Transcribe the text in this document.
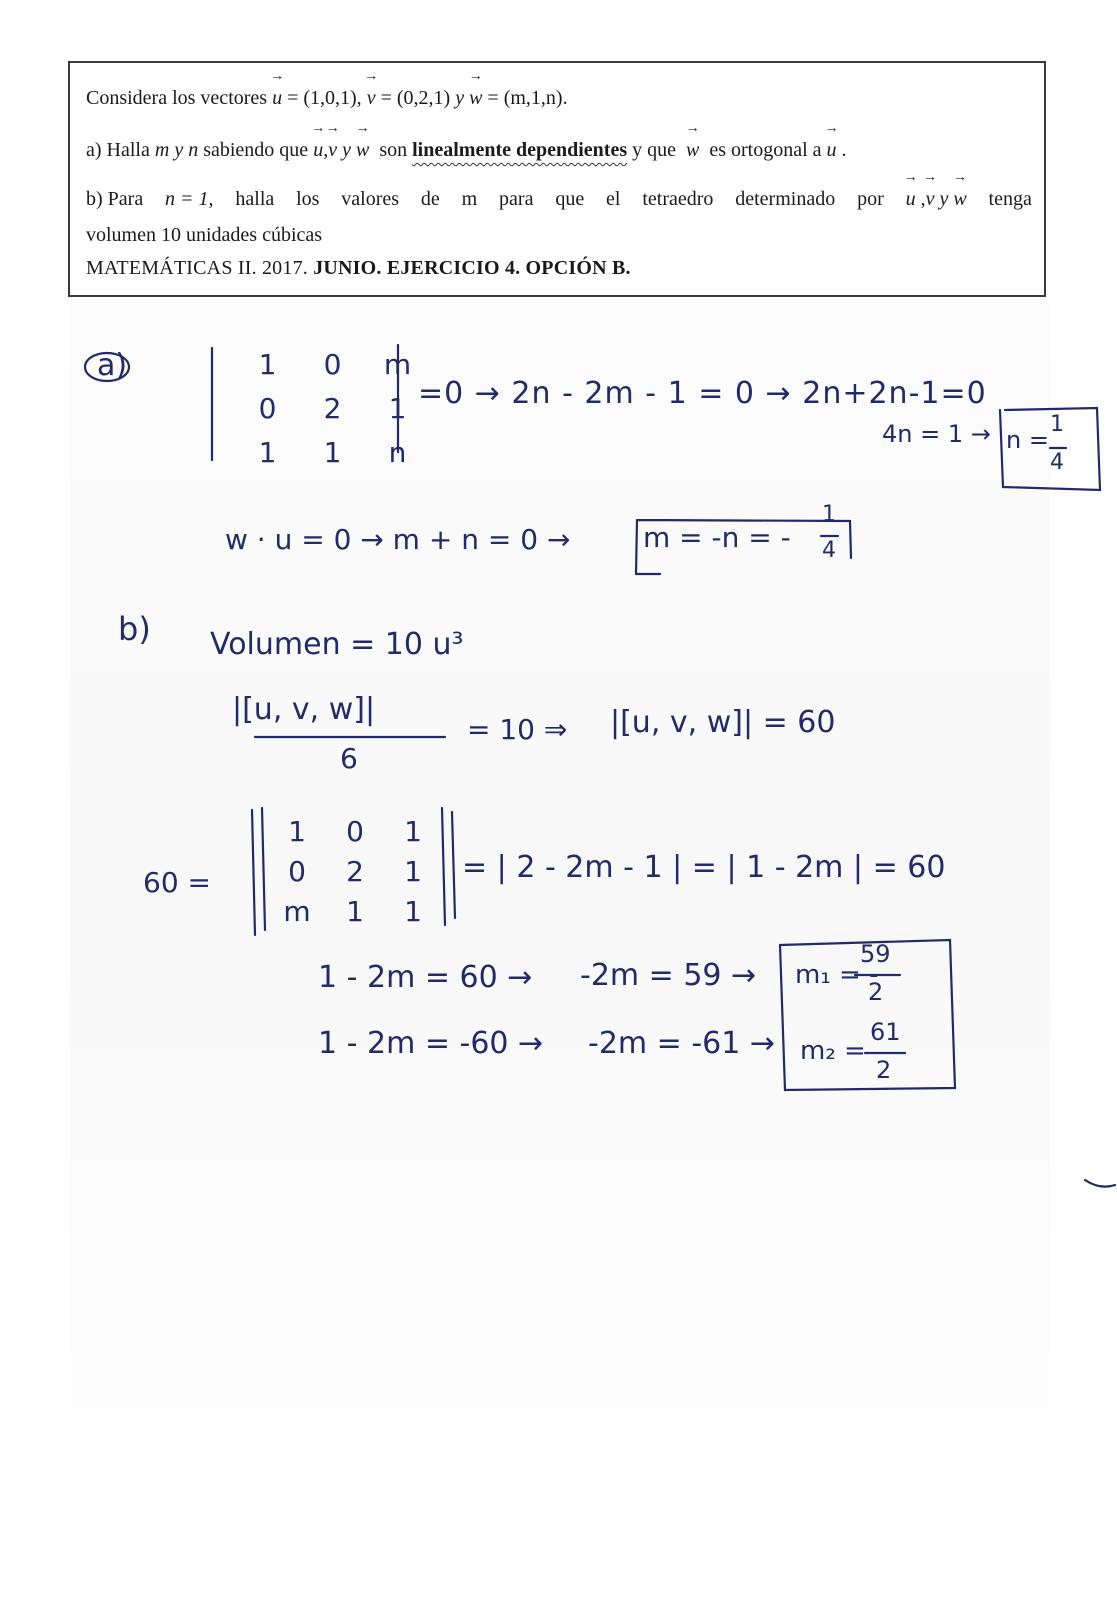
Considera los vectores → u = (1,0,1), → v = (0,2,1) y → w = (m,1,n).
a) Halla m y n sabiendo que → u,→ v y → w son linealmente dependientes y que → w es ortogonal a → u .
b) Para n = 1, halla los valores de m para que el tetraedro determinado por → u ,→ v y → w tenga
volumen 10 unidades cúbicas
MATEMÁTICAS II. 2017. JUNIO. EJERCICIO 4. OPCIÓN B.
a)	1 0 m
0 2 1
1 1 n
=0 → 2n - 2m - 1 = 0 → 2n+2n-1=0
4n = 1 → n =
1
4
w · u = 0 → m + n = 0 →	m = -n = -
1
4
b) Volumen = 10 u³
|[u, v, w]|
6
= 10 ⇒ |[u, v, w]| = 60
60 =
1 0 1
0 2 1
m 1 1
= | 2 - 2m - 1 | = | 1 - 2m | = 60
1 - 2m = 60 → -2m = 59 →
1 - 2m = -60 → -2m = -61 →
m₁ = -
59
2
m₂ =
61
2
